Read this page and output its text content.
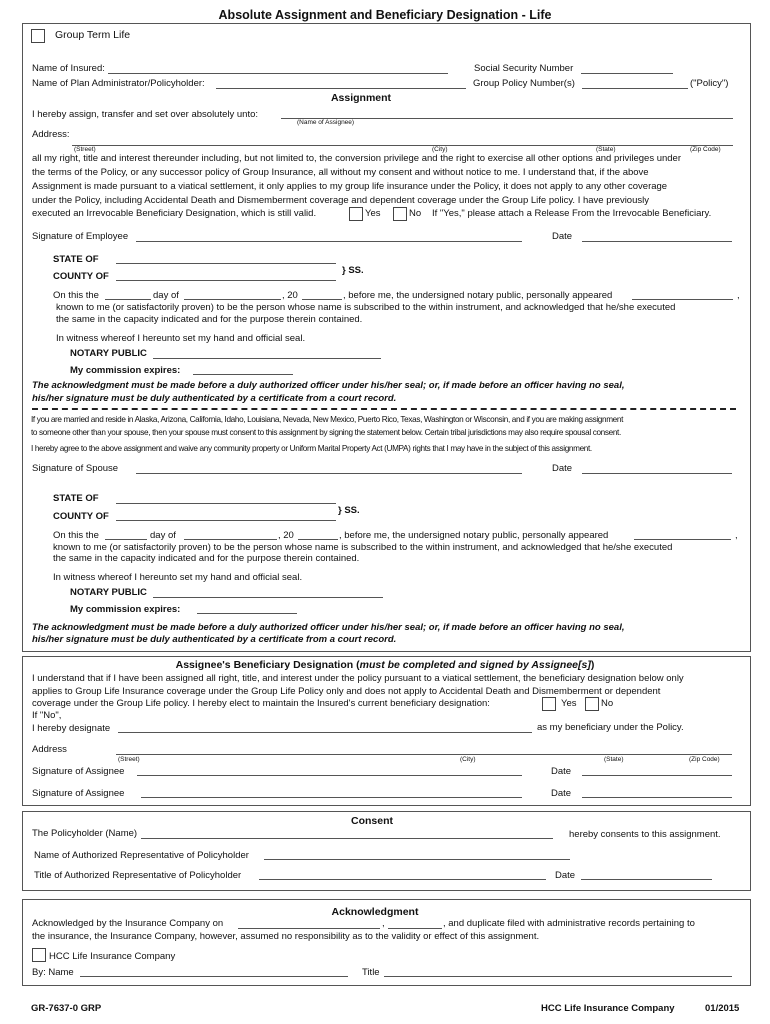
Absolute Assignment and Beneficiary Designation - Life
Group Term Life
Name of Insured:	Social Security Number
Name of Plan Administrator/Policyholder:	Group Policy Number(s)	("Policy")
Assignment
I hereby assign, transfer and set over absolutely unto:
(Name of Assignee)
Address:
(Street)	(City)	(State)	(Zip Code)
all my right, title and interest thereunder including, but not limited to, the conversion privilege and the right to exercise all other options and privileges under
the terms of the Policy, or any successor policy of Group Insurance, all without my consent and without notice to me. I understand that, if the above
Assignment is made pursuant to a viatical settlement, it only applies to my group life insurance under the Policy, it does not apply to any other coverage
under the Policy, including Accidental Death and Dismemberment coverage and dependent coverage under the Group Life policy. I have previously
executed an Irrevocable Beneficiary Designation, which is still valid.	Yes	No If "Yes," please attach a Release From the Irrevocable Beneficiary.
Signature of Employee	Date
STATE OF
COUNTY OF
} SS.
On this the	day of	, 20	, before me, the undersigned notary public, personally appeared	,
known to me (or satisfactorily proven) to be the person whose name is subscribed to the within instrument, and acknowledged that he/she executed
the same in the capacity indicated and for the purpose therein contained.
In witness whereof I hereunto set my hand and official seal.
NOTARY PUBLIC
My commission expires:
The acknowledgment must be made before a duly authorized officer under his/her seal; or, if made before an officer having no seal,
his/her signature must be duly authenticated by a certificate from a court record.
If you are married and reside in Alaska, Arizona, California, Idaho, Louisiana, Nevada, New Mexico, Puerto Rico, Texas, Washington or Wisconsin, and if you are making assignment
to someone other than your spouse, then your spouse must consent to this assignment by signing the statement below. Certain tribal jurisdictions may also require spousal consent.
I hereby agree to the above assignment and waive any community property or Uniform Marital Property Act (UMPA) rights that I may have in the subject of this assignment.
Signature of Spouse	Date
STATE OF
COUNTY OF
} SS.
On this the	day of	, 20	, before me, the undersigned notary public, personally appeared	,
known to me (or satisfactorily proven) to be the person whose name is subscribed to the within instrument, and acknowledged that he/she executed
the same in the capacity indicated and for the purpose therein contained.
In witness whereof I hereunto set my hand and official seal.
NOTARY PUBLIC
My commission expires:
The acknowledgment must be made before a duly authorized officer under his/her seal; or, if made before an officer having no seal,
his/her signature must be duly authenticated by a certificate from a court record.
Assignee's Beneficiary Designation (must be completed and signed by Assignee[s])
I understand that if I have been assigned all right, title, and interest under the policy pursuant to a viatical settlement, the beneficiary designation below only
applies to Group Life Insurance coverage under the Group Life Policy only and does not apply to Accidental Death and Dismemberment or dependent
coverage under the Group Life policy. I hereby elect to maintain the Insured's current beneficiary designation:	Yes	No
If "No",
I hereby designate	as my beneficiary under the Policy.
Address
(Street)	(City)	(State)	(Zip Code)
Signature of Assignee	Date
Signature of Assignee	Date
Consent
The Policyholder (Name)	hereby consents to this assignment.
Name of Authorized Representative of Policyholder
Title of Authorized Representative of Policyholder	Date
Acknowledgment
Acknowledged by the Insurance Company on	,	, and duplicate filed with administrative records pertaining to
the insurance, the Insurance Company, however, assumed no responsibility as to the validity or effect of this assignment.
HCC Life Insurance Company
By: Name	Title
GR-7637-0 GRP	HCC Life Insurance Company	01/2015
